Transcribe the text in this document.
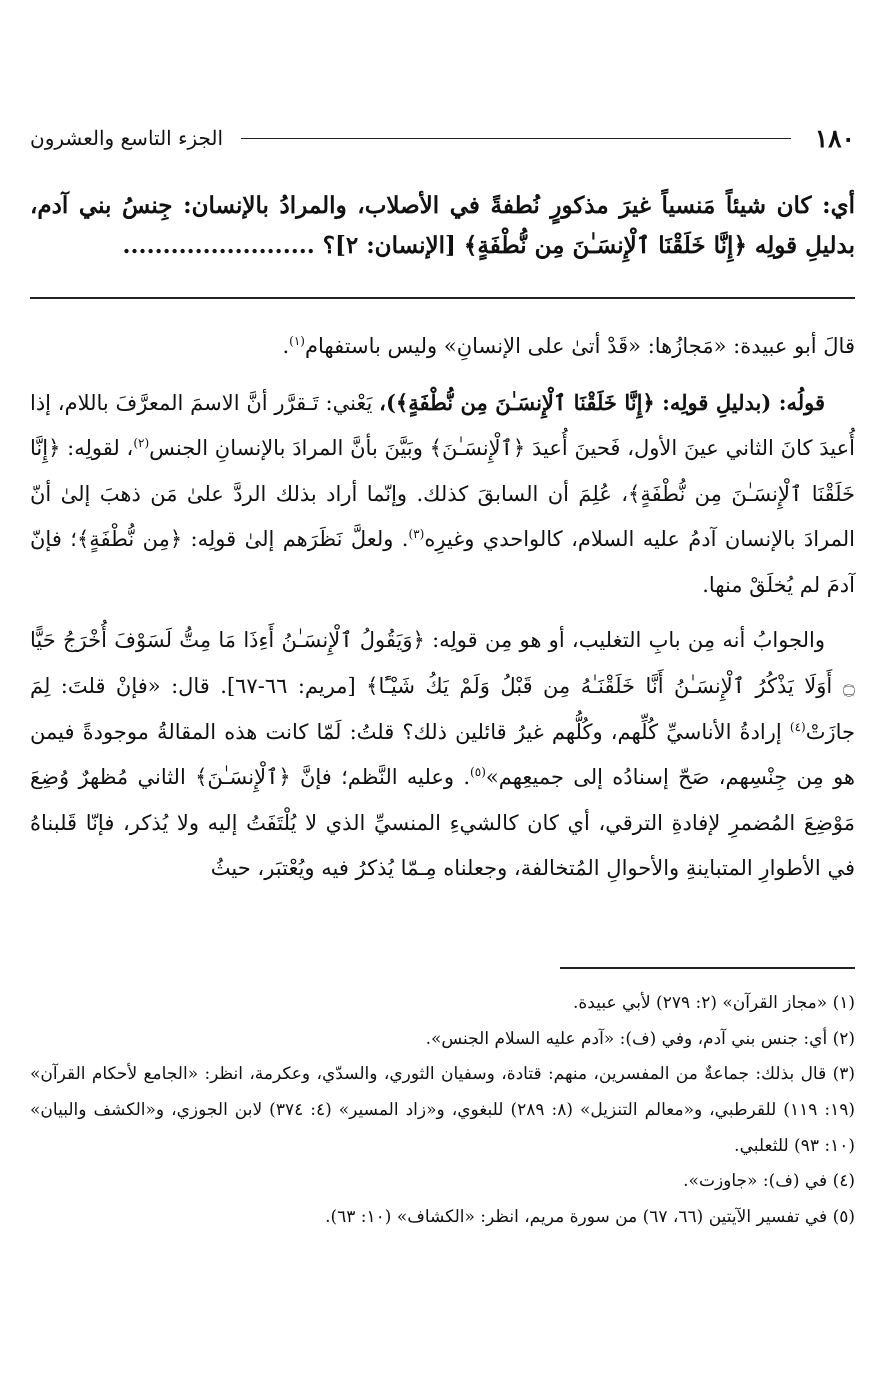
١٨٠
الجزء التاسع والعشرون

أي: كان شيئاً مَنسياً غيرَ مذكورٍ نُطفةً في الأصلاب، والمرادُ بالإنسان: جِنسُ بني آدم، بدليلِ قولِه ﴿إِنَّا خَلَقْنَا ٱلْإِنسَـٰنَ مِن نُّطْفَةٍ﴾ [الإنسان: ٢]؟ ........................

قالَ أبو عبيدة: «مَجازُها: «قَدْ أتىٰ على الإنسانِ» وليس باستفهام$^{(١)}$.

قولُه: (بدليلِ قولِه: ﴿إِنَّا خَلَقْنَا ٱلْإِنسَـٰنَ مِن نُّطْفَةٍ﴾)، يَعْني: تَـقرَّر أنَّ الاسمَ المعرَّفَ باللام، إذا أُعيدَ كانَ الثاني عينَ الأول، فَحينَ أُعيدَ ﴿ٱلْإِنسَـٰنَ﴾ وبَيَّنَ بأنَّ المرادَ بالإنسانِ الجنس$^{(٢)}$، لقولِه: ﴿إِنَّا خَلَقْنَا ٱلْإِنسَـٰنَ مِن نُّطْفَةٍ﴾، عُلِمَ أن السابقَ كذلك. وإنّما أراد بذلك الردَّ علىٰ مَن ذهبَ إلىٰ أنّ المرادَ بالإنسان آدمُ عليه السلام، كالواحدي وغيرِه$^{(٣)}$. ولعلَّ نَظَرَهم إلىٰ قولِه: ﴿مِن نُّطْفَةٍ﴾؛ فإنّ آدمَ لم يُخلَقْ منها.

والجوابُ أنه مِن بابِ التغليب، أو هو مِن قولِه: ﴿وَيَقُولُ ٱلْإِنسَـٰنُ أَءِذَا مَا مِتُّ لَسَوْفَ أُخْرَجُ حَيًّا ۝ أَوَلَا يَذْكُرُ ٱلْإِنسَـٰنُ أَنَّا خَلَقْنَـٰهُ مِن قَبْلُ وَلَمْ يَكُ شَيْـًٔا﴾ [مريم: ٦٦-٦٧]. قال: «فإنْ قلتَ: لِمَ جازَتْ$^{(٤)}$ إرادةُ الأناسيِّ كُلِّهم، وكُلُّهم غيرُ قائلين ذلك؟ قلتُ: لَمّا كانت هذه المقالةُ موجودةً فيمن هو مِن جِنْسِهم، صَحّ إسنادُه إلى جميعِهم»$^{(٥)}$. وعليه النَّظم؛ فإنَّ ﴿ٱلْإِنسَـٰنَ﴾ الثاني مُظهرٌ وُضِعَ مَوْضِعَ المُضمرِ لإفادةِ الترقي، أي كان كالشيءِ المنسيِّ الذي لا يُلْتَفَتُ إليه ولا يُذكر، فإنّا قَلبناهُ في الأطوارِ المتباينةِ والأحوالِ المُتخالفة، وجعلناه مِـمّا يُذكرُ فيه ويُعْتبَر، حيثُ

(١) «مجاز القرآن» (٢: ٢٧٩) لأبي عبيدة.

(٢) أي: جنس بني آدم، وفي (ف): «آدم عليه السلام الجنس».

(٣) قال بذلك: جماعةٌ من المفسرين، منهم: قتادة، وسفيان الثوري، والسدّي، وعكرمة، انظر: «الجامع لأحكام القرآن» (١٩: ١١٩) للقرطبي، و«معالم التنزيل» (٨: ٢٨٩) للبغوي، و«زاد المسير» (٤: ٣٧٤) لابن الجوزي، و«الكشف والبيان» (١٠: ٩٣) للثعلبي.

(٤) في (ف): «جاوزت».

(٥) في تفسير الآيتين (٦٦، ٦٧) من سورة مريم، انظر: «الكشاف» (١٠: ٦٣).
